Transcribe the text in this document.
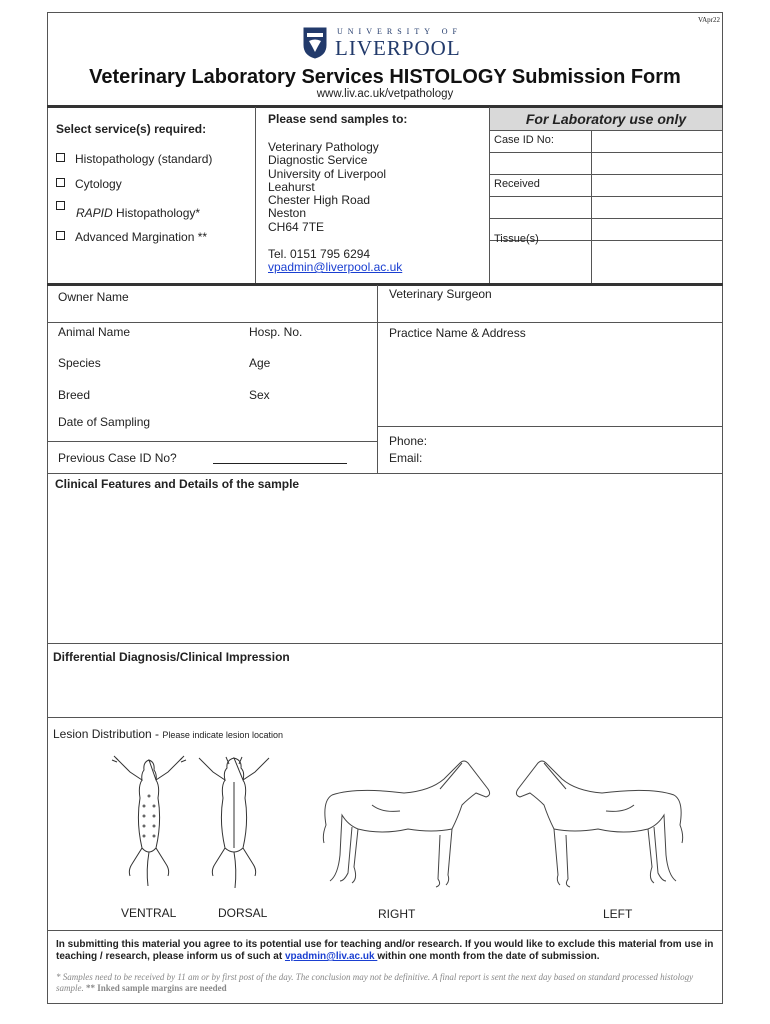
VApr22
UNIVERSITY OF
LIVERPOOL
Veterinary Laboratory Services HISTOLOGY Submission Form
www.liv.ac.uk/vetpathology
Select service(s) required:
Histopathology (standard)
Cytology
RAPID Histopathology*
Advanced Margination **
Please send samples to:
Veterinary Pathology
Diagnostic Service
University of Liverpool
Leahurst
Chester High Road
Neston
CH64 7TE
Tel. 0151 795 6294
vpadmin@liverpool.ac.uk
For Laboratory use only
Case ID No:
Received
Tissue(s)
Owner Name
Animal Name	Hosp. No.
Species	Age
Breed	Sex
Date of Sampling
Previous Case ID No?
Veterinary Surgeon
Practice Name & Address
Phone:
Email:
Clinical Features and Details of the sample
Differential Diagnosis/Clinical Impression
Lesion Distribution - Please indicate lesion location
VENTRAL	DORSAL	RIGHT	LEFT
In submitting this material you agree to its potential use for teaching and/or research. If you would like to exclude this material from use in teaching / research, please inform us of such at vpadmin@liv.ac.uk within one month from the date of submission.
* Samples need to be received by 11 am or by first post of the day. The conclusion may not be definitive. A final report is sent the next day based on standard processed histology sample. ** Inked sample margins are needed
